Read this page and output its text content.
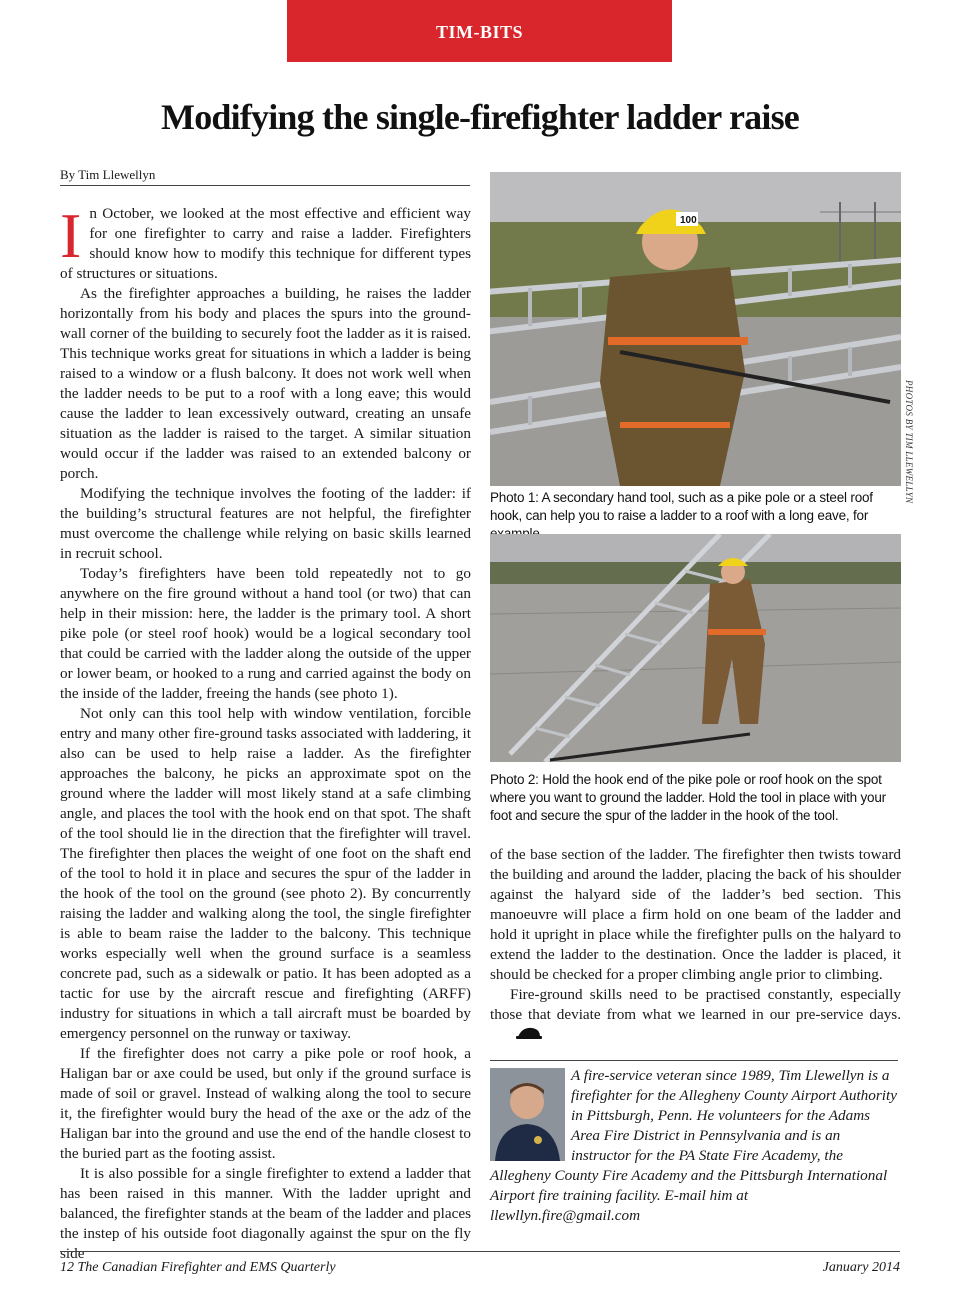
TIM-BITS
Modifying the single-firefighter ladder raise
By Tim Llewellyn

In October, we looked at the most effective and efficient way for one firefighter to carry and raise a ladder. Firefighters should know how to modify this technique for different types of structures or situations.

As the firefighter approaches a building, he raises the ladder horizontally from his body and places the spurs into the ground-wall corner of the building to securely foot the ladder as it is raised. This technique works great for situations in which a ladder is being raised to a window or a flush balcony. It does not work well when the ladder needs to be put to a roof with a long eave; this would cause the ladder to lean excessively outward, creating an unsafe situation as the ladder is raised to the target. A similar situation would occur if the ladder was raised to an extended balcony or porch.

Modifying the technique involves the footing of the ladder: if the building’s structural features are not helpful, the firefighter must overcome the challenge while relying on basic skills learned in recruit school.

Today’s firefighters have been told repeatedly not to go anywhere on the fire ground without a hand tool (or two) that can help in their mission: here, the ladder is the primary tool. A short pike pole (or steel roof hook) would be a logical secondary tool that could be carried with the ladder along the outside of the upper or lower beam, or hooked to a rung and carried against the body on the inside of the ladder, freeing the hands (see photo 1).

Not only can this tool help with window ventilation, forcible entry and many other fire-ground tasks associated with laddering, it also can be used to help raise a ladder. As the firefighter approaches the balcony, he picks an approximate spot on the ground where the ladder will most likely stand at a safe climbing angle, and places the tool with the hook end on that spot. The shaft of the tool should lie in the direction that the firefighter will travel. The firefighter then places the weight of one foot on the shaft end of the tool to hold it in place and secures the spur of the ladder in the hook of the tool on the ground (see photo 2). By concurrently raising the ladder and walking along the tool, the single firefighter is able to beam raise the ladder to the balcony. This technique works especially well when the ground surface is a seamless concrete pad, such as a sidewalk or patio. It has been adopted as a tactic for use by the aircraft rescue and firefighting (ARFF) industry for situations in which a tall aircraft must be boarded by emergency personnel on the runway or taxiway.

If the firefighter does not carry a pike pole or roof hook, a Haligan bar or axe could be used, but only if the ground surface is made of soil or gravel. Instead of walking along the tool to secure it, the firefighter would bury the head of the axe or the adz of the Haligan bar into the ground and use the end of the handle closest to the buried part as the footing assist.

It is also possible for a single firefighter to extend a ladder that has been raised in this manner. With the ladder upright and balanced, the firefighter stands at the beam of the ladder and places the instep of his outside foot diagonally against the spur on the fly side

100
PHOTOS BY TIM LLEWELLYN
Photo 1: A secondary hand tool, such as a pike pole or a steel roof hook, can help you to raise a ladder to a roof with a long eave, for
Photo 2: Hold the hook end of the pike pole or roof hook on the spot where you want to ground the ladder. Hold the tool in place with your foot and secure the spur of the ladder in the hook of the tool.

of the base section of the ladder. The firefighter then twists toward the building and around the ladder, placing the back of his shoulder against the halyard side of the ladder’s bed section. This manoeuvre will place a firm hold on one beam of the ladder and hold it upright in place while the firefighter pulls on the halyard to extend the ladder to the destination. Once the ladder is placed, it should be checked for a proper climbing angle prior to climbing.

Fire-ground skills need to be practised constantly, especially those that deviate from what we learned in our pre-service days.

A fire-service veteran since 1989, Tim Llewellyn is a firefighter for the Allegheny County Airport Authority in Pittsburgh, Penn. He volunteers for the Adams Area Fire District in Pennsylvania and is an instructor for the PA State Fire Academy, the Allegheny County Fire Academy and the Pittsburgh International Airport fire training facility. E-mail him at llewllyn.fire@gmail.com
12 The Canadian Firefighter and EMS Quarterly	January 2014
